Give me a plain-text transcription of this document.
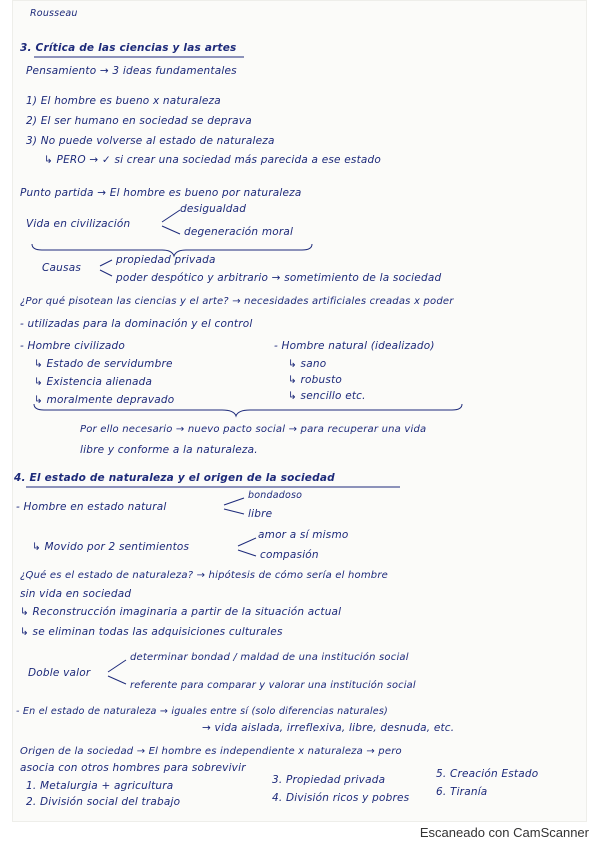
Rousseau
3. Crítica de las ciencias y las artes
Pensamiento → 3 ideas fundamentales
1) El hombre es bueno x naturaleza
2) El ser humano en sociedad se deprava
3) No puede volverse al estado de naturaleza
↳ PERO → ✓ si crear una sociedad más parecida a ese estado
Punto partida → El hombre es bueno por naturaleza
desigualdad
Vida en civilización
degeneración moral
Causas
propiedad privada
poder despótico y arbitrario → sometimiento de la sociedad
¿Por qué pisotean las ciencias y el arte? → necesidades artificiales creadas x poder
- utilizadas para la dominación y el control
- Hombre civilizado
↳ Estado de servidumbre
↳ Existencia alienada
↳ moralmente depravado
- Hombre natural (idealizado)
↳ sano
↳ robusto
↳ sencillo etc.
Por ello necesario → nuevo pacto social → para recuperar una vida
libre y conforme a la naturaleza.
4. El estado de naturaleza y el origen de la sociedad
bondadoso
- Hombre en estado natural
libre
amor a sí mismo
↳ Movido por 2 sentimientos
compasión
¿Qué es el estado de naturaleza? → hipótesis de cómo sería el hombre
sin vida en sociedad
↳ Reconstrucción imaginaria a partir de la situación actual
↳ se eliminan todas las adquisiciones culturales
determinar bondad / maldad de una institución social
Doble valor
referente para comparar y valorar una institución social
- En el estado de naturaleza → iguales entre sí (solo diferencias naturales)
→ vida aislada, irreflexiva, libre, desnuda, etc.
Origen de la sociedad → El hombre es independiente x naturaleza → pero
asocia con otros hombres para sobrevivir
1. Metalurgia + agricultura
2. División social del trabajo
3. Propiedad privada
4. División ricos y pobres
5. Creación Estado
6. Tiranía
Escaneado con CamScanner
